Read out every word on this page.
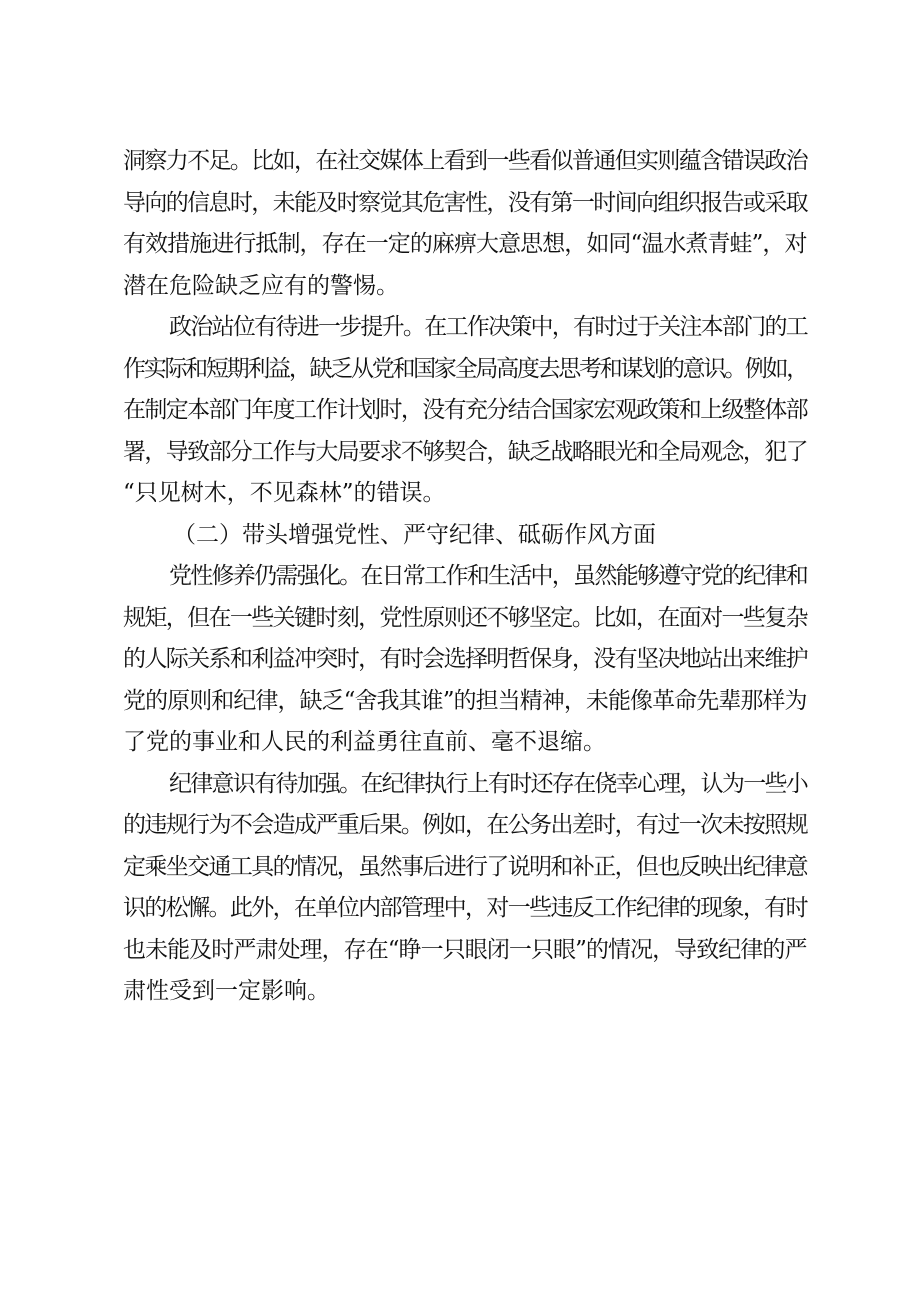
洞察力不足。比如，在社交媒体上看到一些看似普通但实则蕴含错误政治
导向的信息时，未能及时察觉其危害性，没有第一时间向组织报告或采取
有效措施进行抵制，存在一定的麻痹大意思想，如同“温水煮青蛙”，对
潜在危险缺乏应有的警惕。

政治站位有待进一步提升。在工作决策中，有时过于关注本部门的工
作实际和短期利益，缺乏从党和国家全局高度去思考和谋划的意识。例如，
在制定本部门年度工作计划时，没有充分结合国家宏观政策和上级整体部
署，导致部分工作与大局要求不够契合，缺乏战略眼光和全局观念，犯了
“只见树木，不见森林”的错误。

（二）带头增强党性、严守纪律、砥砺作风方面

党性修养仍需强化。在日常工作和生活中，虽然能够遵守党的纪律和
规矩，但在一些关键时刻，党性原则还不够坚定。比如，在面对一些复杂
的人际关系和利益冲突时，有时会选择明哲保身，没有坚决地站出来维护
党的原则和纪律，缺乏“舍我其谁”的担当精神，未能像革命先辈那样为
了党的事业和人民的利益勇往直前、毫不退缩。

纪律意识有待加强。在纪律执行上有时还存在侥幸心理，认为一些小
的违规行为不会造成严重后果。例如，在公务出差时，有过一次未按照规
定乘坐交通工具的情况，虽然事后进行了说明和补正，但也反映出纪律意
识的松懈。此外，在单位内部管理中，对一些违反工作纪律的现象，有时
也未能及时严肃处理，存在“睁一只眼闭一只眼”的情况，导致纪律的严
肃性受到一定影响。
